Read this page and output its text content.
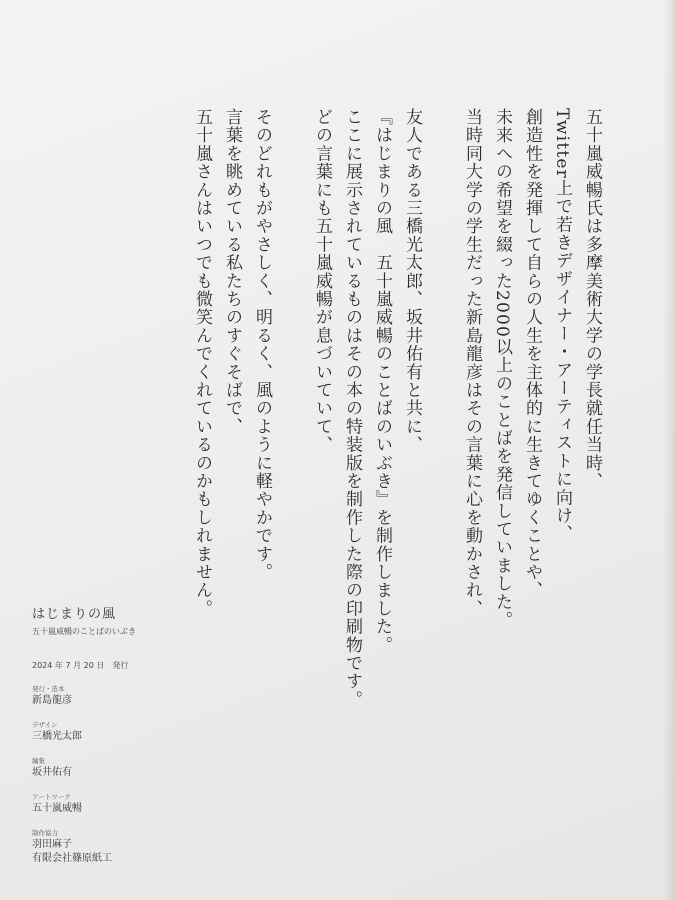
五十嵐威暢氏は多摩美術大学の学長就任当時、

Twitter上で若きデザイナー・アーティストに向け、

創造性を発揮して自らの人生を主体的に生きてゆくことや、

未来への希望を綴った2000以上のことばを発信していました。

当時同大学の学生だった新島龍彦はその言葉に心を動かされ、

友人である三橋光太郎、坂井佑有と共に、

『はじまりの風　五十嵐威暢のことばのいぶき』を制作しました。

ここに展示されているものはその本の特装版を制作した際の印刷物です。

どの言葉にも五十嵐威暢が息づいていて、

そのどれもがやさしく、明るく、風のように軽やかです。

言葉を眺めている私たちのすぐそばで、

五十嵐さんはいつでも微笑んでくれているのかもしれません。

はじまりの風

五十嵐威暢のことばのいぶき

2024 年 7 月 20 日　発行

発行・造本
新島龍彦
デザイン
三橋光太郎
編集
坂井佑有
アートワーク
五十嵐威暢
制作協力
羽田麻子
有限会社篠原紙工
